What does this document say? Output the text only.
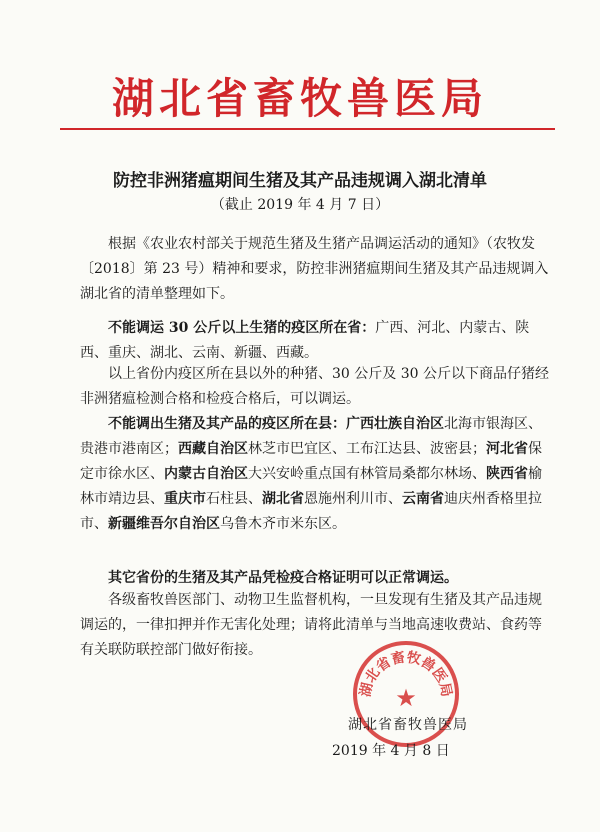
湖北省畜牧兽医局
防控非洲猪瘟期间生猪及其产品违规调入湖北清单
（截止 2019 年 4 月 7 日）

根据《农业农村部关于规范生猪及生猪产品调运活动的通知》（农牧发〔2018〕第 23 号）精神和要求，防控非洲猪瘟期间生猪及其产品违规调入湖北省的清单整理如下。

不能调运 30 公斤以上生猪的疫区所在省：广西、河北、内蒙古、陕西、重庆、湖北、云南、新疆、西藏。

以上省份内疫区所在县以外的种猪、30 公斤及 30 公斤以下商品仔猪经非洲猪瘟检测合格和检疫合格后，可以调运。

不能调出生猪及其产品的疫区所在县：广西壮族自治区北海市银海区、贵港市港南区；西藏自治区林芝市巴宜区、工布江达县、波密县；河北省保定市徐水区、内蒙古自治区大兴安岭重点国有林管局桑都尔林场、陕西省榆林市靖边县、重庆市石柱县、湖北省恩施州利川市、云南省迪庆州香格里拉市、新疆维吾尔自治区乌鲁木齐市米东区。

其它省份的生猪及其产品凭检疫合格证明可以正常调运。

各级畜牧兽医部门、动物卫生监督机构，一旦发现有生猪及其产品违规调运的，一律扣押并作无害化处理；请将此清单与当地高速收费站、食药等有关联防联控部门做好衔接。

湖北省畜牧兽医局
★
湖北省畜牧兽医局
2019 年 4 月 8 日
